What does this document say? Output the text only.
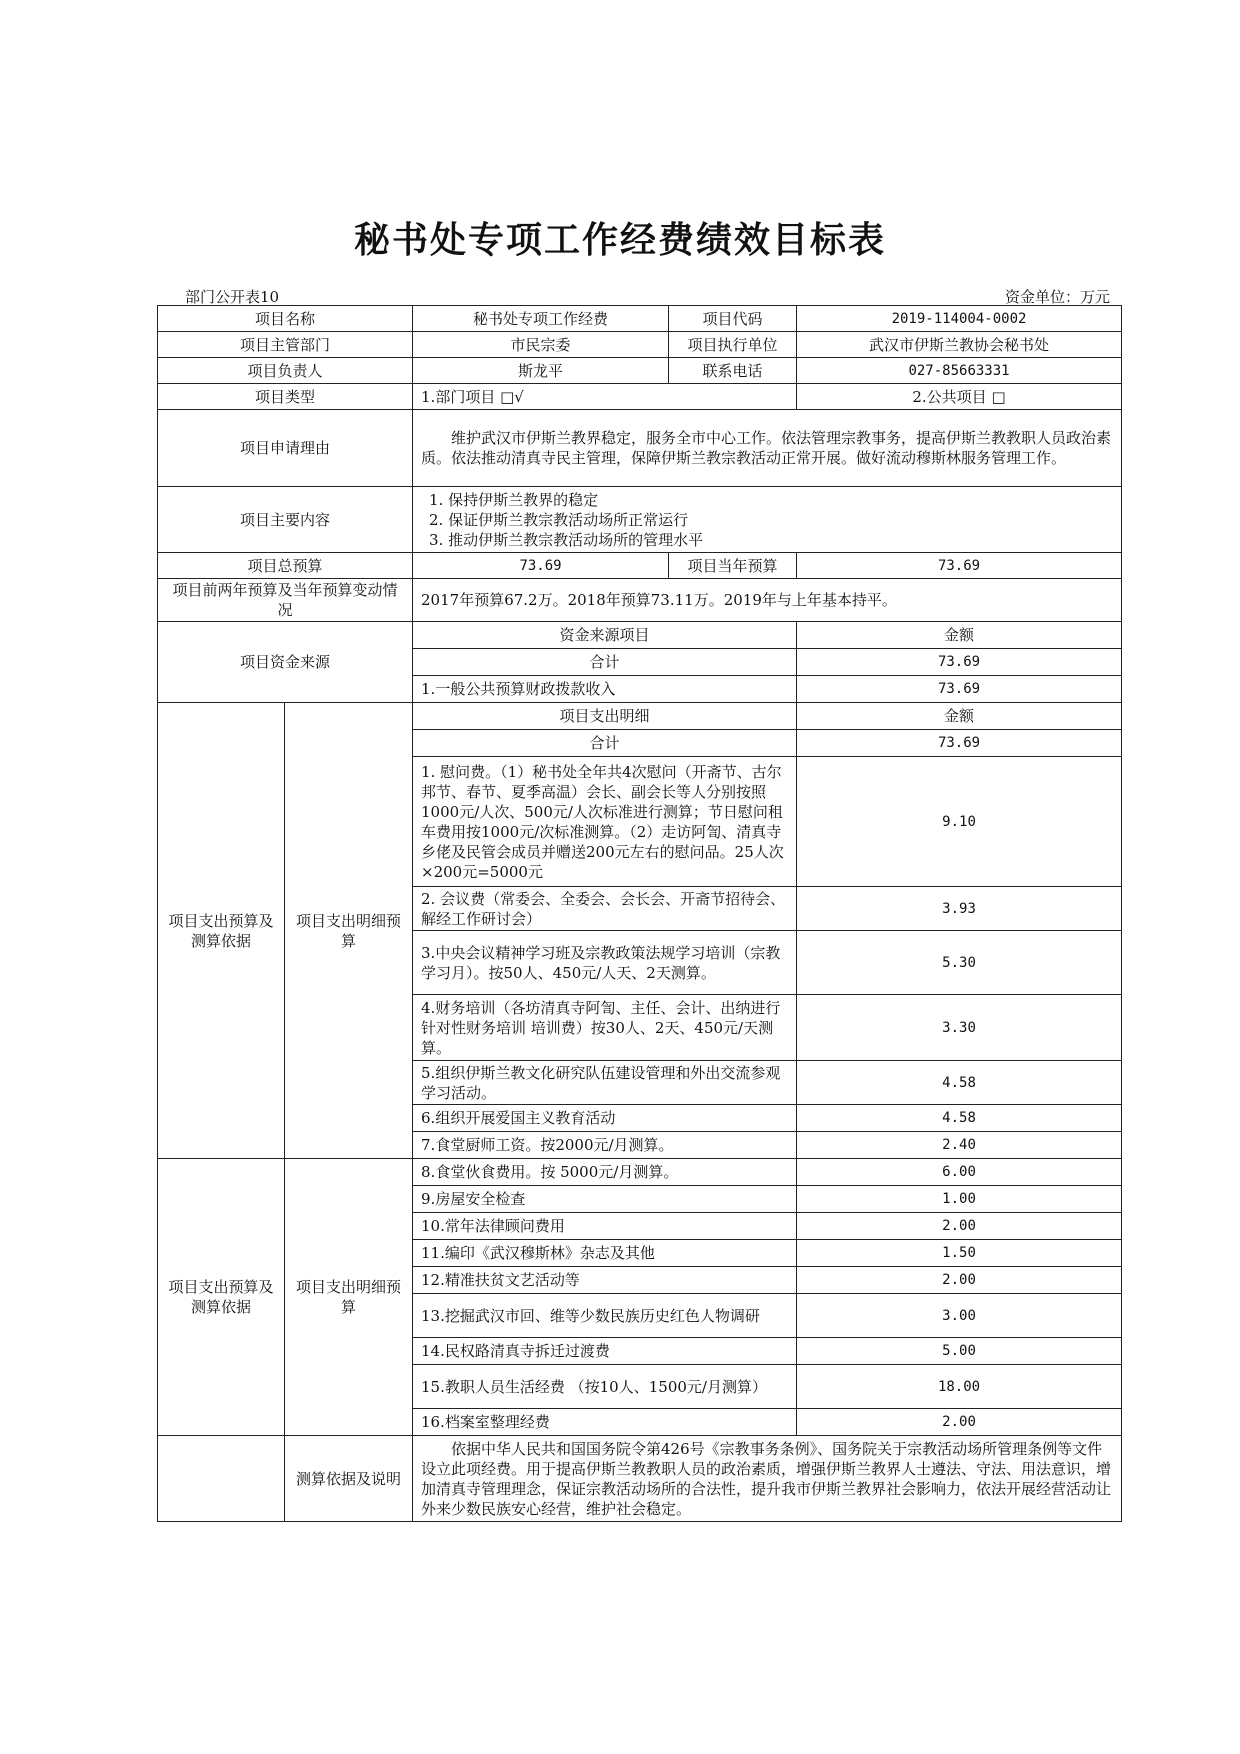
秘书处专项工作经费绩效目标表
部门公开表10	资金单位：万元
项目名称		秘书处专项工作经费	项目代码	2019-114004-0002
项目主管部门		市民宗委	项目执行单位	武汉市伊斯兰教协会秘书处
项目负责人		斯龙平	联系电话	027-85663331
项目类型		1.部门项目 □√		2.公共项目 □
项目申请理由		维护武汉市伊斯兰教界稳定，服务全市中心工作。依法管理宗教事务，提高伊斯兰教教职人员政治素质。依法推动清真寺民主管理，保障伊斯兰教宗教活动正常开展。做好流动穆斯林服务管理工作。		
项目主要内容		1. 保持伊斯兰教界的稳定
2. 保证伊斯兰教宗教活动场所正常运行
3. 推动伊斯兰教宗教活动场所的管理水平		

项目总预算		73.69	项目当年预算	73.69
项目前两年预算及当年预算变动情况		2017年预算67.2万。2018年预算73.11万。2019年与上年基本持平。		
项目资金来源		资金来源项目		金额
		合计		73.69
		1.一般公共预算财政拨款收入		73.69
项目支出预算及测算依据	项目支出明细预算	项目支出明细		金额
		合计		73.69
		1. 慰问费。（1）秘书处全年共4次慰问（开斋节、古尔邦节、春节、夏季高温）会长、副会长等人分别按照1000元/人次、500元/人次标准进行测算；节日慰问租车费用按1000元/次标准测算。（2）走访阿訇、清真寺乡佬及民管会成员并赠送200元左右的慰问品。25人次×200元=5000元		9.10
		2. 会议费（常委会、全委会、会长会、开斋节招待会、解经工作研讨会）		3.93
		3.中央会议精神学习班及宗教政策法规学习培训（宗教学习月）。按50人、450元/人天、2天测算。		5.30
		4.财务培训（各坊清真寺阿訇、主任、会计、出纳进行针对性财务培训 培训费）按30人、2天、450元/天测算。		3.30
		5.组织伊斯兰教文化研究队伍建设管理和外出交流参观学习活动。		4.58
		6.组织开展爱国主义教育活动		4.58
		7.食堂厨师工资。按2000元/月测算。		2.40
项目支出预算及测算依据	项目支出明细预算	8.食堂伙食费用。按 5000元/月测算。		6.00
		9.房屋安全检查		1.00
		10.常年法律顾问费用		2.00
		11.编印《武汉穆斯林》杂志及其他		1.50
		12.精准扶贫文艺活动等		2.00
		13.挖掘武汉市回、维等少数民族历史红色人物调研		3.00
		14.民权路清真寺拆迁过渡费		5.00
		15.教职人员生活经费 （按10人、1500元/月测算）		18.00
		16.档案室整理经费		2.00
	测算依据及说明	依据中华人民共和国国务院令第426号《宗教事务条例》、国务院关于宗教活动场所管理条例等文件设立此项经费。用于提高伊斯兰教教职人员的政治素质，增强伊斯兰教界人士遵法、守法、用法意识，增加清真寺管理理念，保证宗教活动场所的合法性，提升我市伊斯兰教界社会影响力，依法开展经营活动让外来少数民族安心经营，维护社会稳定。		
